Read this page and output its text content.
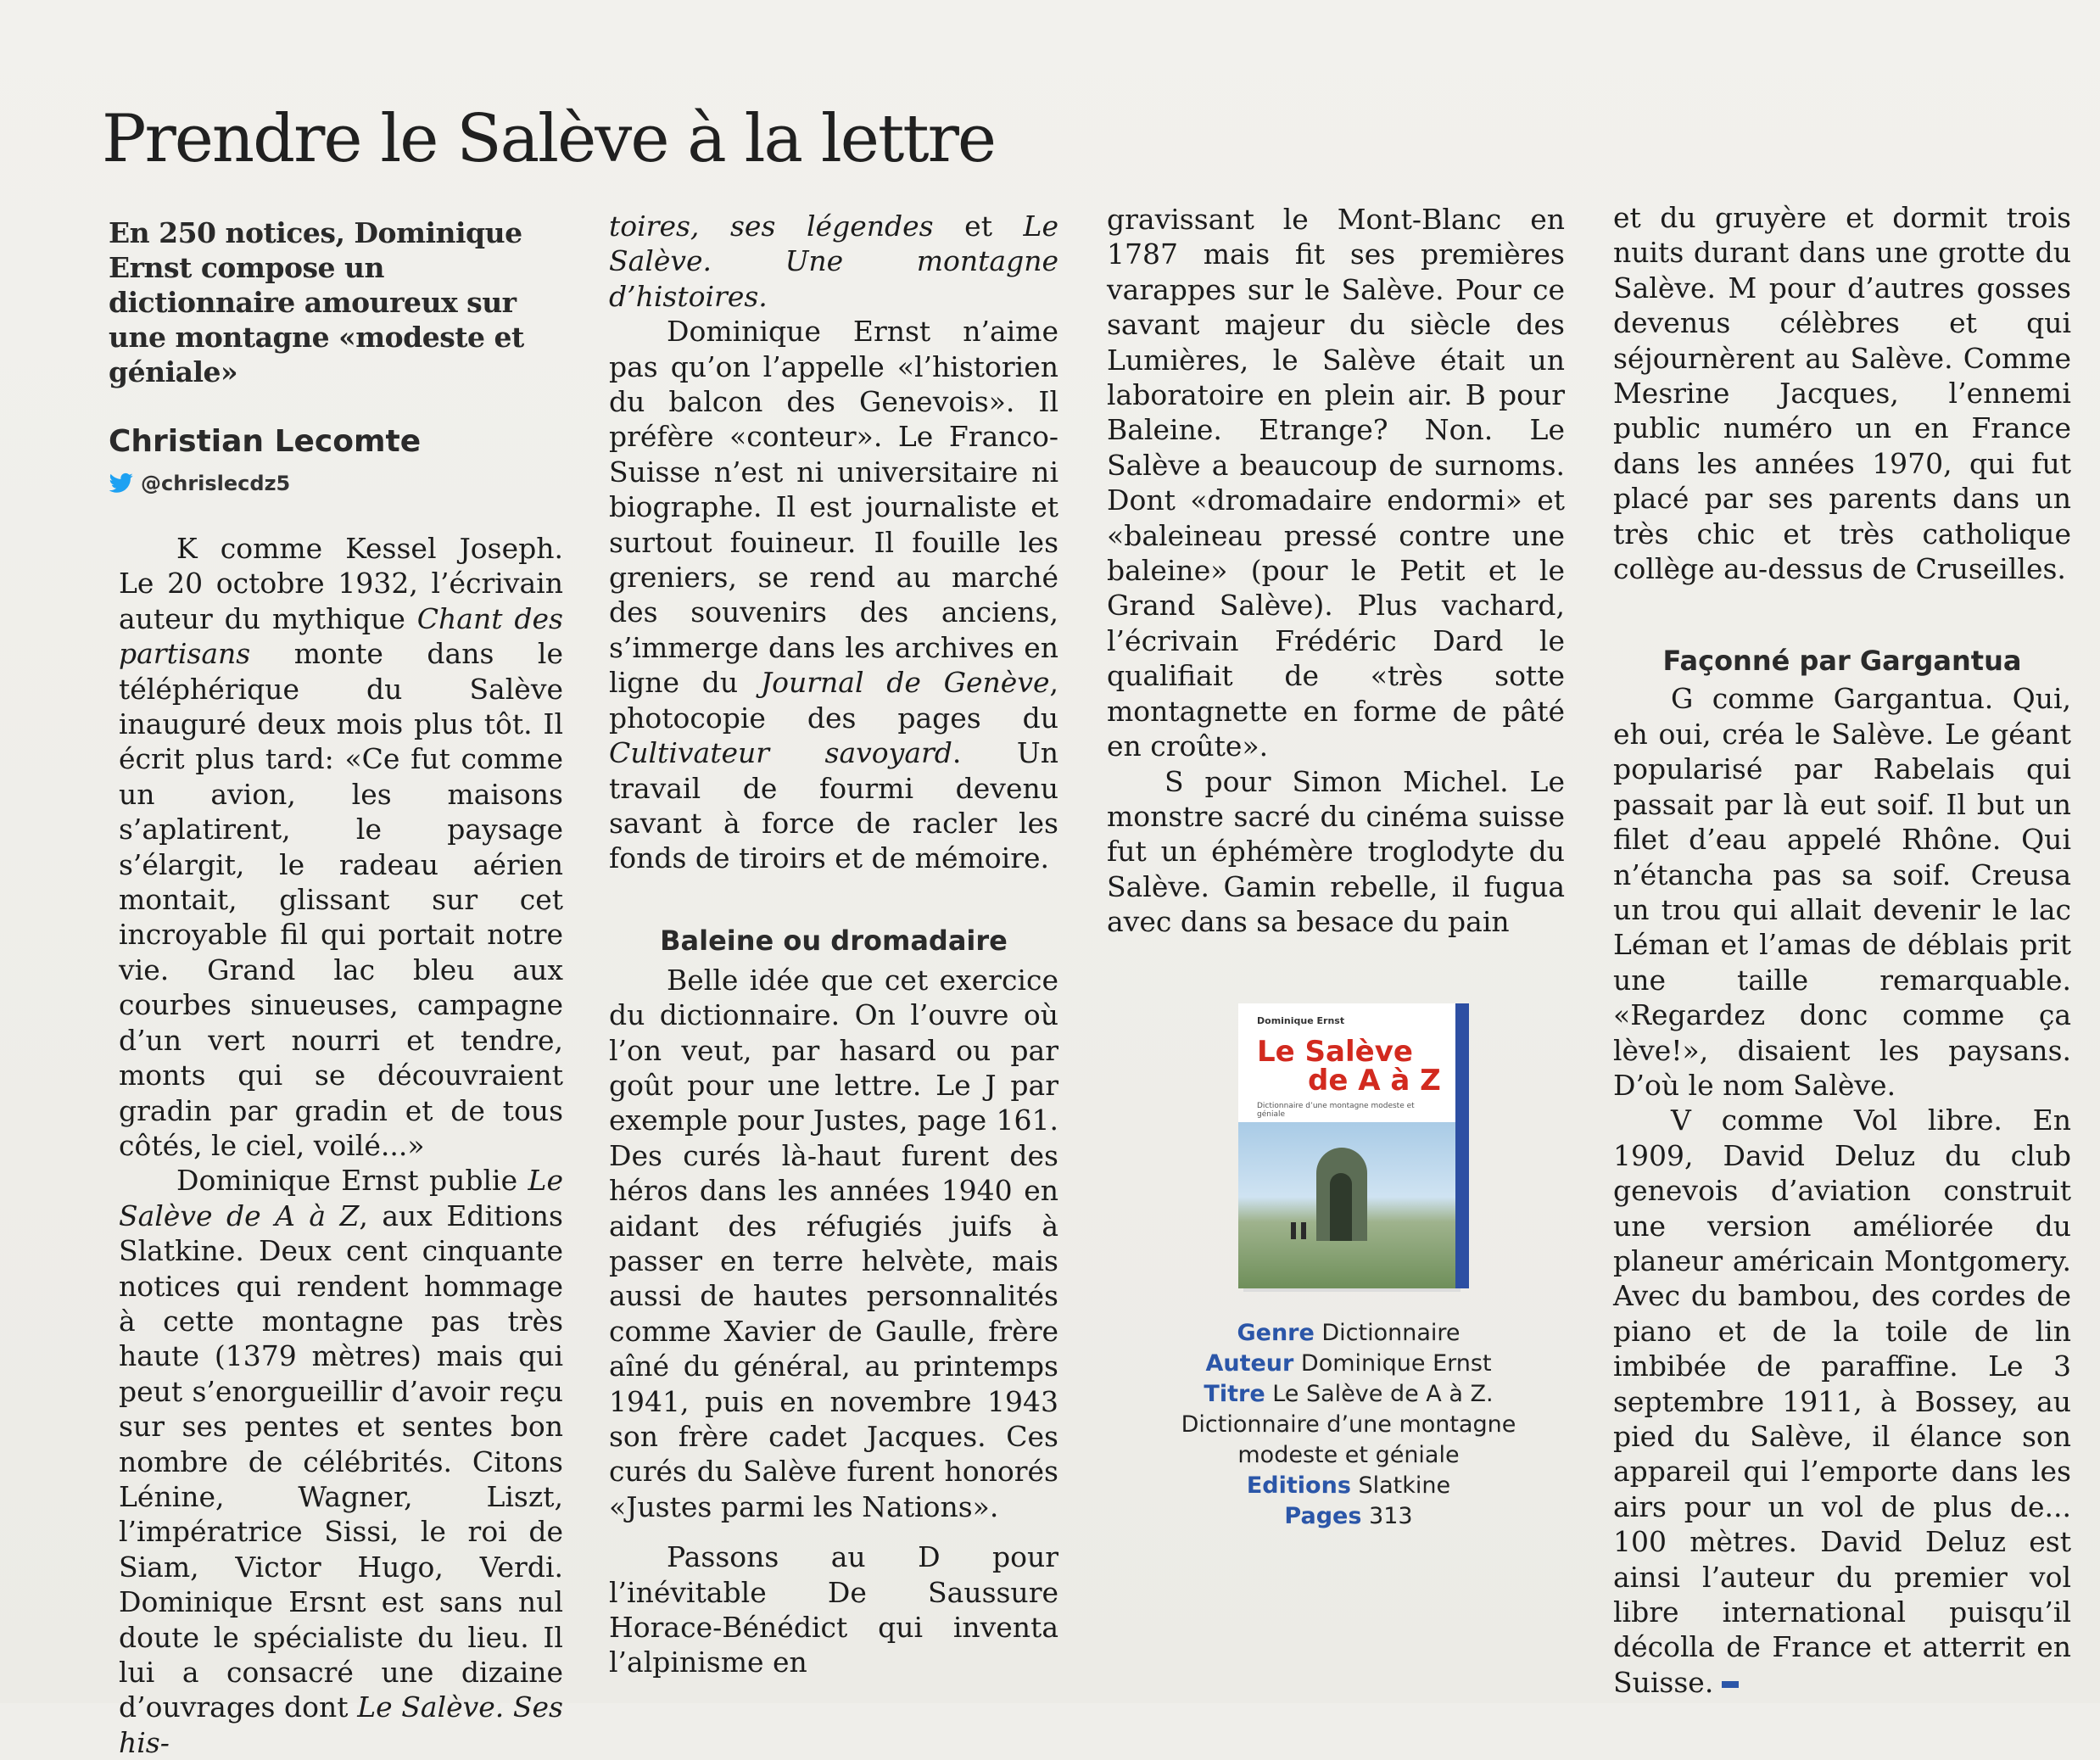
Prendre le Salève à la lettre
En 250 notices, Dominique Ernst compose un dictionnaire amoureux sur une montagne «modeste et géniale»
Christian Lecomte
@chrislecdz5

K comme Kessel Joseph. Le 20 octobre 1932, l’écrivain auteur du mythique Chant des partisans monte dans le téléphérique du Salève inauguré deux mois plus tôt. Il écrit plus tard: «Ce fut comme un avion, les maisons s’aplatirent, le paysage s’élargit, le radeau aérien montait, glissant sur cet incroyable fil qui portait notre vie. Grand lac bleu aux courbes sinueuses, campagne d’un vert nourri et tendre, monts qui se découvraient gradin par gradin et de tous côtés, le ciel, voilé...»

Dominique Ernst publie Le Salève de A à Z, aux Editions Slatkine. Deux cent cinquante notices qui rendent hommage à cette montagne pas très haute (1379 mètres) mais qui peut s’enorgueillir d’avoir reçu sur ses pentes et sentes bon nombre de célébrités. Citons Lénine, Wagner, Liszt, l’impératrice Sissi, le roi de Siam, Victor Hugo, Verdi. Dominique Ersnt est sans nul doute le spécialiste du lieu. Il lui a consacré une dizaine d’ouvrages dont Le Salève. Ses his-

toires, ses légendes et Le Salève. Une montagne d’histoires.

Dominique Ernst n’aime pas qu’on l’appelle «l’historien du balcon des Genevois». Il préfère «conteur». Le Franco-Suisse n’est ni universitaire ni biographe. Il est journaliste et surtout fouineur. Il fouille les greniers, se rend au marché des souvenirs des anciens, s’immerge dans les archives en ligne du Journal de Genève, photocopie des pages du Cultivateur savoyard. Un travail de fourmi devenu savant à force de racler les fonds de tiroirs et de mémoire.

Baleine ou dromadaire

Belle idée que cet exercice du dictionnaire. On l’ouvre où l’on veut, par hasard ou par goût pour une lettre. Le J par exemple pour Justes, page 161. Des curés là-haut furent des héros dans les années 1940 en aidant des réfugiés juifs à passer en terre helvète, mais aussi de hautes personnalités comme Xavier de Gaulle, frère aîné du général, au printemps 1941, puis en novembre 1943 son frère cadet Jacques. Ces curés du Salève furent honorés «Justes parmi les Nations».

Passons au D pour l’inévitable De Saussure Horace-Bénédict qui inventa l’alpinisme en

gravissant le Mont-Blanc en 1787 mais fit ses premières varappes sur le Salève. Pour ce savant majeur du siècle des Lumières, le Salève était un laboratoire en plein air. B pour Baleine. Etrange? Non. Le Salève a beaucoup de surnoms. Dont «dromadaire endormi» et «baleineau pressé contre une baleine» (pour le Petit et le Grand Salève). Plus vachard, l’écrivain Frédéric Dard le qualifiait de «très sotte montagnette en forme de pâté en croûte».

S pour Simon Michel. Le monstre sacré du cinéma suisse fut un éphémère troglodyte du Salève. Gamin rebelle, il fugua avec dans sa besace du pain

Dominique Ernst
Le Salève
de A à Z
Dictionnaire d’une montagne modeste et géniale
Genre Dictionnaire
Auteur Dominique Ernst
Titre Le Salève de A à Z. Dictionnaire d’une montagne modeste et géniale
Editions Slatkine
Pages 313

et du gruyère et dormit trois nuits durant dans une grotte du Salève. M pour d’autres gosses devenus célèbres et qui séjournèrent au Salève. Comme Mesrine Jacques, l’ennemi public numéro un en France dans les années 1970, qui fut placé par ses parents dans un très chic et très catholique collège au-dessus de Cruseilles.

Façonné par Gargantua

G comme Gargantua. Qui, eh oui, créa le Salève. Le géant popularisé par Rabelais qui passait par là eut soif. Il but un filet d’eau appelé Rhône. Qui n’étancha pas sa soif. Creusa un trou qui allait devenir le lac Léman et l’amas de déblais prit une taille remarquable. «Regardez donc comme ça lève!», disaient les paysans. D’où le nom Salève.

V comme Vol libre. En 1909, David Deluz du club genevois d’aviation construit une version améliorée du planeur américain Montgomery. Avec du bambou, des cordes de piano et de la toile de lin imbibée de paraffine. Le 3 septembre 1911, à Bossey, au pied du Salève, il élance son appareil qui l’emporte dans les airs pour un vol de plus de... 100 mètres. David Deluz est ainsi l’auteur du premier vol libre international puisqu’il décolla de France et atterrit en Suisse.
